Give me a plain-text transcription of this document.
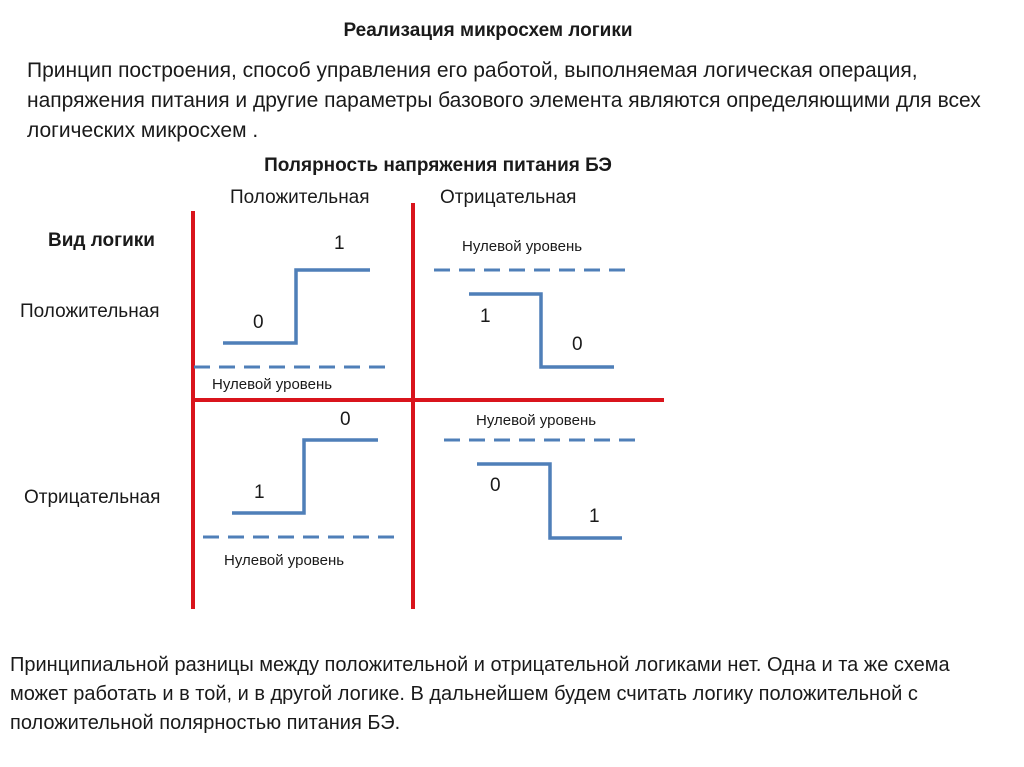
Реализация микросхем логики
Принцип построения, способ управления его работой, выполняемая логическая операция, напряжения питания и другие параметры базового элемента являются определяющими для всех логических микросхем .
Полярность напряжения питания БЭ
Положительная	Отрицательная
Вид логики
Положительная
Отрицательная
1
0
Нулевой уровень
Нулевой уровень
1
0
0
1
Нулевой уровень
Нулевой уровень
0
1
Принципиальной разницы между положительной и отрицательной логиками нет. Одна и та же схема может работать и в той, и в другой логике. В дальнейшем будем считать логику положительной с положительной полярностью питания БЭ.
